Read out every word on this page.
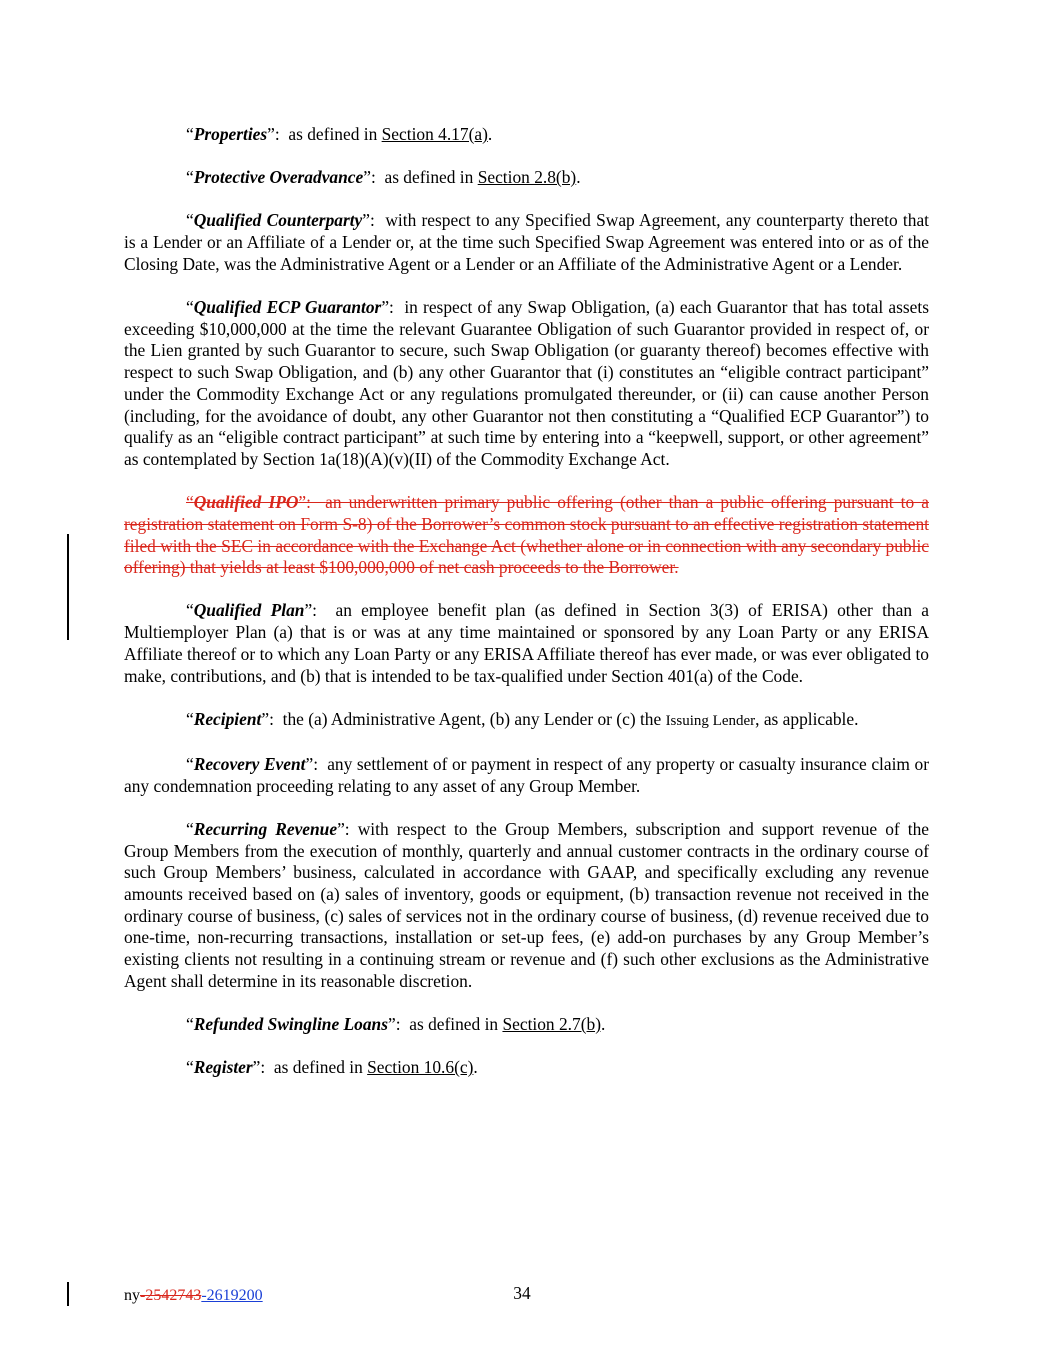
“Properties”:  as defined in Section 4.17(a).

“Protective Overadvance”:  as defined in Section 2.8(b).

“Qualified Counterparty”:  with respect to any Specified Swap Agreement, any counterparty thereto that is a Lender or an Affiliate of a Lender or, at the time such Specified Swap Agreement was entered into or as of the Closing Date, was the Administrative Agent or a Lender or an Affiliate of the Administrative Agent or a Lender.

“Qualified ECP Guarantor”:  in respect of any Swap Obligation, (a) each Guarantor that has total assets exceeding $10,000,000 at the time the relevant Guarantee Obligation of such Guarantor provided in respect of, or the Lien granted by such Guarantor to secure, such Swap Obligation (or guaranty thereof) becomes effective with respect to such Swap Obligation, and (b) any other Guarantor that (i) constitutes an “eligible contract participant” under the Commodity Exchange Act or any regulations promulgated thereunder, or (ii) can cause another Person (including, for the avoidance of doubt, any other Guarantor not then constituting a “Qualified ECP Guarantor”) to qualify as an “eligible contract participant” at such time by entering into a “keepwell, support, or other agreement” as contemplated by Section 1a(18)(A)(v)(II) of the Commodity Exchange Act.

“Qualified IPO”:  an underwritten primary public offering (other than a public offering pursuant to a registration statement on Form S-8) of the Borrower’s common stock pursuant to an effective registration statement filed with the SEC in accordance with the Exchange Act (whether alone or in connection with any secondary public offering) that yields at least $100,000,000 of net cash proceeds to the Borrower.

“Qualified Plan”:  an employee benefit plan (as defined in Section 3(3) of ERISA) other than a Multiemployer Plan (a) that is or was at any time maintained or sponsored by any Loan Party or any ERISA Affiliate thereof or to which any Loan Party or any ERISA Affiliate thereof has ever made, or was ever obligated to make, contributions, and (b) that is intended to be tax-qualified under Section 401(a) of the Code.

“Recipient”:  the (a) Administrative Agent, (b) any Lender or (c) the Issuing Lender, as applicable.

“Recovery Event”:  any settlement of or payment in respect of any property or casualty insurance claim or any condemnation proceeding relating to any asset of any Group Member.

“Recurring Revenue”: with respect to the Group Members, subscription and support revenue of the Group Members from the execution of monthly, quarterly and annual customer contracts in the ordinary course of such Group Members’ business, calculated in accordance with GAAP, and specifically excluding any revenue amounts received based on (a) sales of inventory, goods or equipment, (b) transaction revenue not received in the ordinary course of business, (c) sales of services not in the ordinary course of business, (d) revenue received due to one-time, non-recurring transactions, installation or set-up fees, (e) add-on purchases by any Group Member’s existing clients not resulting in a continuing stream or revenue and (f) such other exclusions as the Administrative Agent shall determine in its reasonable discretion.

“Refunded Swingline Loans”:  as defined in Section 2.7(b).

“Register”:  as defined in Section 10.6(c).

ny-2542743-2619200	34
